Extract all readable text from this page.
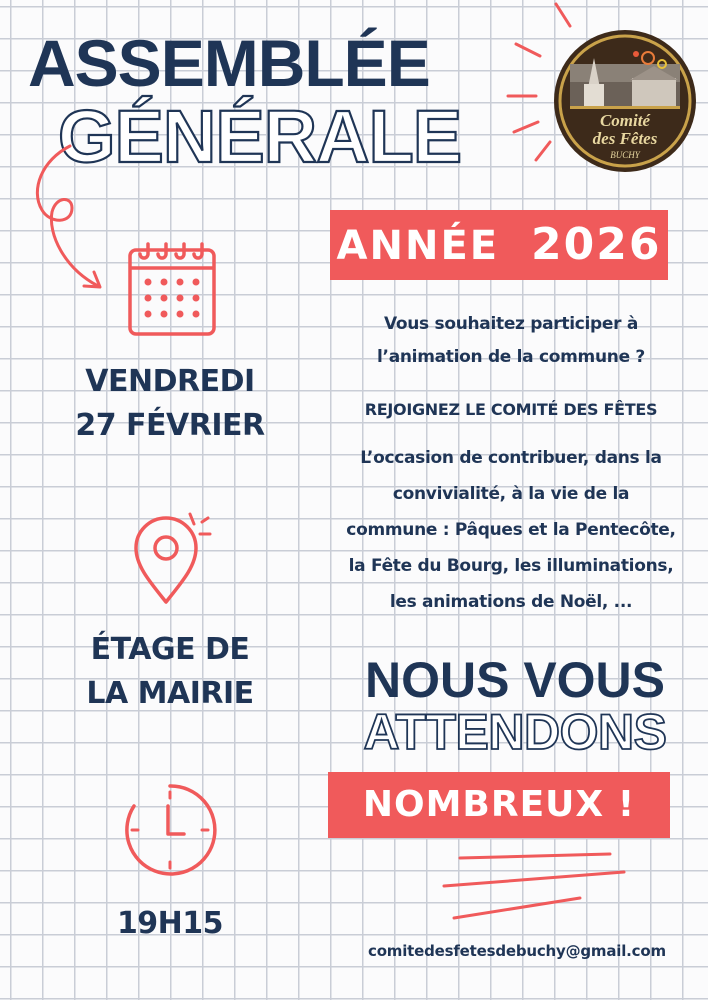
ASSEMBLÉE
GÉNÉRALE	Comité
des Fêtes
BUCHY
VENDREDI
27 FÉVRIER
ÉTAGE DE
LA MAIRIE
19H15
ANNÉE 2026
Vous souhaitez participer à
l’animation de la commune ?
REJOIGNEZ LE COMITÉ DES FÊTES
L’occasion de contribuer, dans la
convivialité, à la vie de la
commune : Pâques et la Pentecôte,
la Fête du Bourg, les illuminations,
les animations de Noël, ...
NOUS VOUS
ATTENDONS
NOMBREUX !
comitedesfetesdebuchy@gmail.com
